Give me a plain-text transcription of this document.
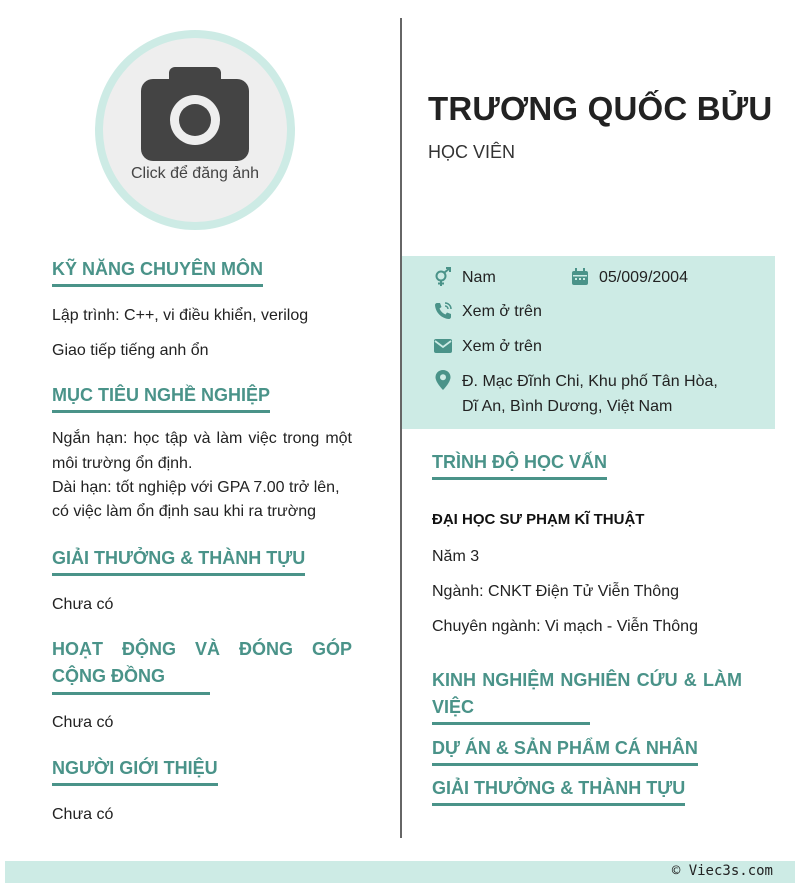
Click để đăng ảnh
KỸ NĂNG CHUYÊN MÔN
Lập trình: C++, vi điều khiển, verilog
Giao tiếp tiếng anh ổn
MỤC TIÊU NGHỀ NGHIỆP
Ngắn hạn: học tập và làm việc trong một môi trường ổn định.
Dài hạn: tốt nghiệp với GPA 7.00 trở lên, có việc làm ổn định sau khi ra trường
GIẢI THƯỞNG & THÀNH TỰU
Chưa có
HOẠT ĐỘNG VÀ ĐÓNG GÓP CỘNG ĐỒNG
Chưa có
NGƯỜI GIỚI THIỆU
Chưa có
TRƯƠNG QUỐC BỬU
HỌC VIÊN
Nam	05/009/2004
Xem ở trên
Xem ở trên
Đ. Mạc Đĩnh Chi, Khu phố Tân Hòa,
Dĩ An, Bình Dương, Việt Nam
TRÌNH ĐỘ HỌC VẤN
ĐẠI HỌC SƯ PHẠM KĨ THUẬT
Năm 3
Ngành: CNKT Điện Tử Viễn Thông
Chuyên ngành: Vi mạch - Viễn Thông
KINH NGHIỆM NGHIÊN CỨU & LÀM VIỆC
DỰ ÁN & SẢN PHẨM CÁ NHÂN
GIẢI THƯỞNG & THÀNH TỰU
© Viec3s.com
